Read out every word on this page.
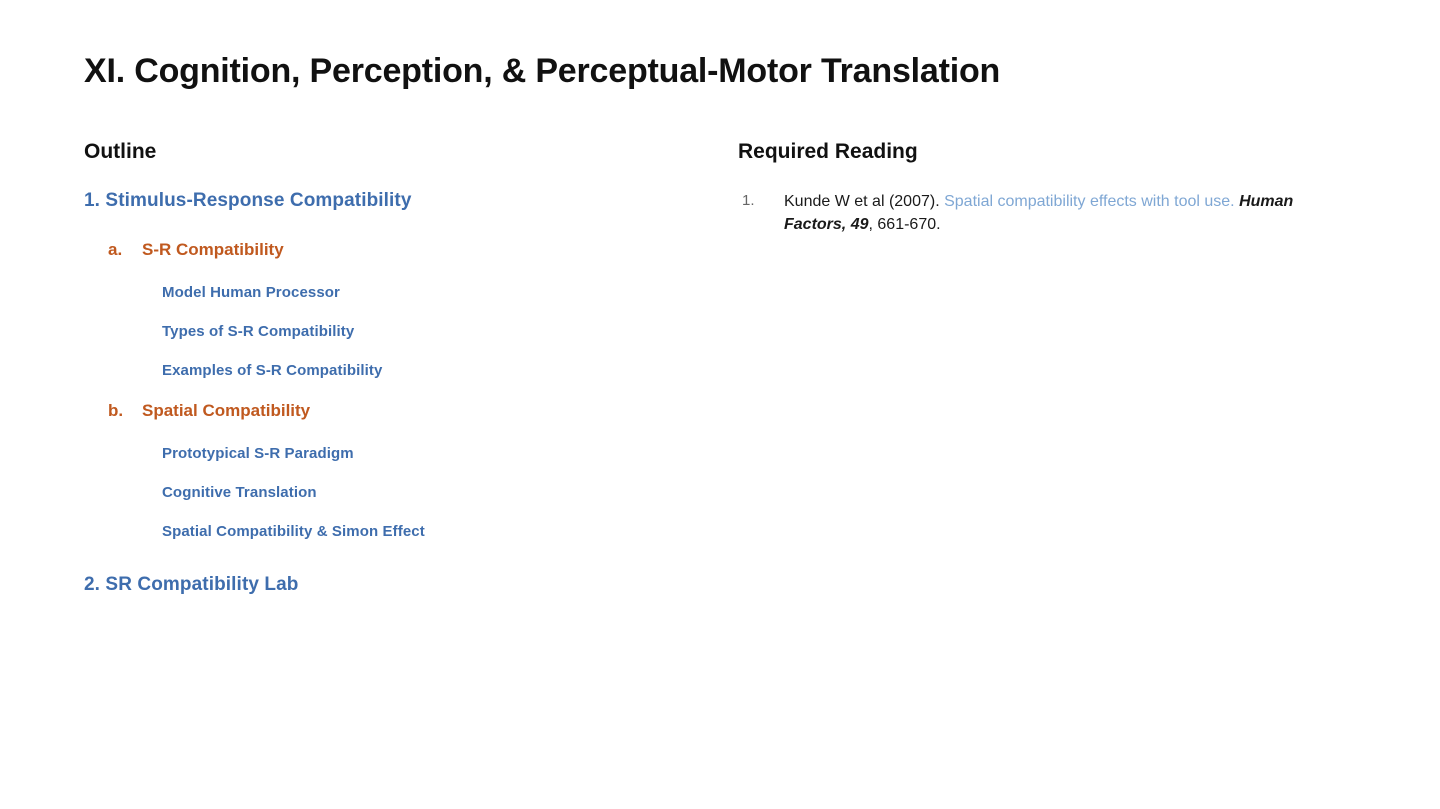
XI. Cognition, Perception, & Perceptual-Motor Translation
Outline
1. Stimulus-Response Compatibility
a. S-R Compatibility
Model Human Processor
Types of S-R Compatibility
Examples of S-R Compatibility
b. Spatial Compatibility
Prototypical S-R Paradigm
Cognitive Translation
Spatial Compatibility & Simon Effect
2. SR Compatibility Lab
Required Reading
1. Kunde W et al (2007). Spatial compatibility effects with tool use. Human Factors, 49, 661-670.
